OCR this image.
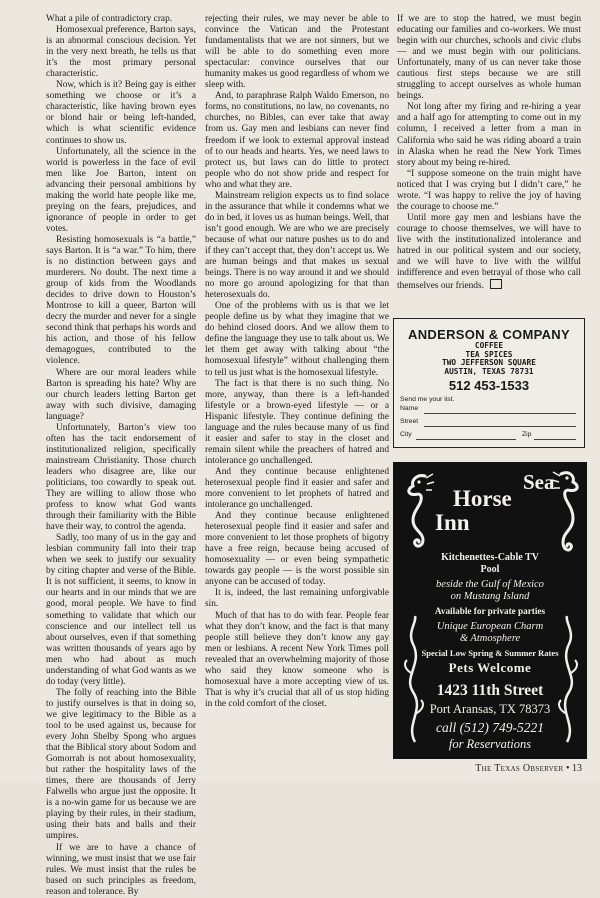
What a pile of contradictory crap.

Homosexual preference, Barton says, is an abnormal conscious decision. Yet in the very next breath, he tells us that it’s the most primary personal characteristic.

Now, which is it? Being gay is either something we choose or it’s a characteristic, like having brown eyes or blond hair or being left-handed, which is what scientific evidence continues to show us.

Unfortunately, all the science in the world is powerless in the face of evil men like Joe Barton, intent on advancing their personal ambitions by making the world hate people like me, preying on the fears, prejudices, and ignorance of people in order to get votes.

Resisting homosexuals is “a battle,” says Barton. It is “a war.” To him, there is no distinction between gays and murderers. No doubt. The next time a group of kids from the Woodlands decides to drive down to Houston’s Montrose to kill a queer, Barton will decry the murder and never for a single second think that perhaps his words and his action, and those of his fellow demagogues, contributed to the violence.

Where are our moral leaders while Barton is spreading his hate? Why are our church leaders letting Barton get away with such divisive, damaging language?

Unfortunately, Barton’s view too often has the tacit endorsement of institutionalized religion, specifically mainstream Christianity. Those church leaders who disagree are, like our politicians, too cowardly to speak out. They are willing to allow those who profess to know what God wants through their familiarity with the Bible have their way, to control the agenda.

Sadly, too many of us in the gay and lesbian community fall into their trap when we seek to justify our sexuality by citing chapter and verse of the Bible. It is not sufficient, it seems, to know in our hearts and in our minds that we are good, moral people. We have to find something to validate that which our conscience and our intellect tell us about ourselves, even if that something was written thousands of years ago by men who had about as much understanding of what God wants as we do today (very little).

The folly of reaching into the Bible to justify ourselves is that in doing so, we give legitimacy to the Bible as a tool to be used against us, because for every John Shelby Spong who argues that the Biblical story about Sodom and Gomorrah is not about homosexuality, but rather the hospitality laws of the times, there are thousands of Jerry Falwells who argue just the opposite. It is a no-win game for us because we are playing by their rules, in their stadium, using their bats and balls and their umpires.

If we are to have a chance of winning, we must insist that we use fair rules. We must insist that the rules be based on such principles as freedom, reason and tolerance. By

rejecting their rules, we may never be able to convince the Vatican and the Protestant fundamentalists that we are not sinners, but we will be able to do something even more spectacular: convince ourselves that our humanity makes us good regardless of whom we sleep with.

And, to paraphrase Ralph Waldo Emerson, no forms, no constitutions, no law, no covenants, no churches, no Bibles, can ever take that away from us. Gay men and lesbians can never find freedom if we look to external approval instead of to our heads and hearts. Yes, we need laws to protect us, but laws can do little to protect people who do not show pride and respect for who and what they are.

Mainstream religion expects us to find solace in the assurance that while it condemns what we do in bed, it loves us as human beings. Well, that isn’t good enough. We are who we are precisely because of what our nature pushes us to do and if they can’t accept that, they don’t accept us. We are human beings and that makes us sexual beings. There is no way around it and we should no more go around apologizing for that than heterosexuals do.

One of the problems with us is that we let people define us by what they imagine that we do behind closed doors. And we allow them to define the language they use to talk about us. We let them get away with talking about “the homosexual lifestyle” without challenging them to tell us just what is the homosexual lifestyle.

The fact is that there is no such thing. No more, anyway, than there is a left-handed lifestyle or a brown-eyed lifestyle — or a Hispanic lifestyle. They continue defining the language and the rules because many of us find it easier and safer to stay in the closet and remain silent while the preachers of hatred and intolerance go unchallenged.

And they continue because enlightened heterosexual people find it easier and safer and more convenient to let prophets of hatred and intolerance go unchallenged.

And they continue because enlightened heterosexual people find it easier and safer and more convenient to let those prophets of bigotry have a free reign, because being accused of homosexuality — or even being sympathetic towards gay people — is the worst possible sin anyone can be accused of today.

It is, indeed, the last remaining unforgivable sin.

Much of that has to do with fear. People fear what they don’t know, and the fact is that many people still believe they don’t know any gay men or lesbians. A recent New York Times poll revealed that an overwhelming majority of those who said they know someone who is homosexual have a more accepting view of us. That is why it’s crucial that all of us stop hiding in the cold comfort of the closet.

If we are to stop the hatred, we must begin educating our families and co-workers. We must begin with our churches, schools and civic clubs — and we must begin with our politicians. Unfortunately, many of us can never take those cautious first steps because we are still struggling to accept ourselves as whole human beings.

Not long after my firing and re-hiring a year and a half ago for attempting to come out in my column, I received a letter from a man in California who said he was riding aboard a train in Alaska when he read the New York Times story about my being re-hired.

“I suppose someone on the train might have noticed that I was crying but I didn’t care,” he wrote. “I was happy to relive the joy of having the courage to choose me.”

Until more gay men and lesbians have the courage to choose themselves, we will have to live with the institutionalized intolerance and hatred in our political system and our society, and we will have to live with the willful indifference and even betrayal of those who call themselves our friends.

ANDERSON & COMPANY
COFFEE
TEA SPICES
TWO JEFFERSON SQUARE
AUSTIN, TEXAS 78731
512 453-1533
Send me your list.
Name
Street
City	Zip
Sea
Horse
Inn
Kitchenettes-Cable TV
Pool
beside the Gulf of Mexico
on Mustang Island
Available for private parties
Unique European Charm
& Atmosphere
Special Low Spring & Summer Rates
Pets Welcome
1423 11th Street
Port Aransas, TX 78373
call (512) 749-5221
for Reservations
The Texas Observer • 13
